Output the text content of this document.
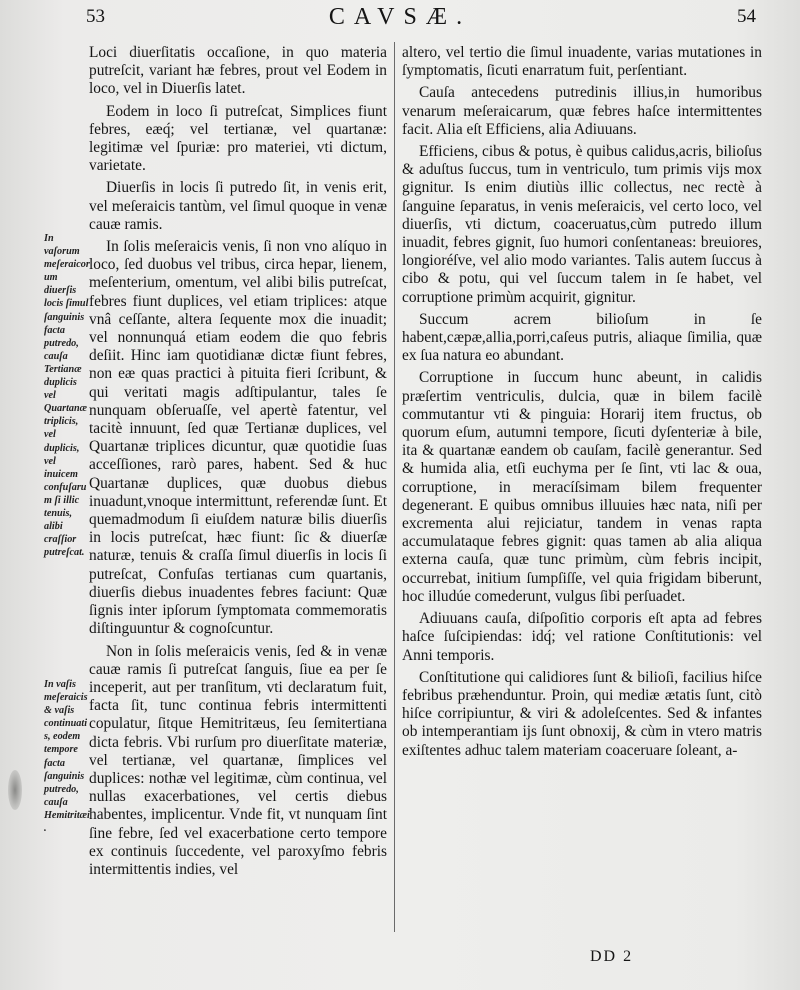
53	CAVSÆ.	54
In vaſorum meſeraicorum diuerſis locis ſimul ſanguinis facta putredo, cauſa Tertianæ duplicis vel Quartanæ triplicis, vel duplicis, vel inuicem confuſarum ſi illic tenuis, alibi craſſior putreſcat.
In vaſis meſeraicis & vaſis continuatis, eodem tempore facta ſanguinis putredo, cauſa Hemitritæi.

Loci diuerſitatis occaſione, in quo materia putreſcit, variant hæ febres, prout vel Eodem in loco, vel in Diuerſis latet.

Eodem in loco ſi putreſcat, Simplices fiunt febres, eæq́; vel tertianæ, vel quartanæ: legitimæ vel ſpuriæ: pro materiei, vti dictum, varietate.

Diuerſis in locis ſi putredo ſit, in venis erit, vel meſeraicis tantùm, vel ſimul quoque in venæ cauæ ramis.

In ſolis meſeraicis venis, ſi non vno alíquo in loco, ſed duobus vel tribus, circa hepar, lienem, meſenterium, omentum, vel alibi bilis putreſcat, febres fiunt duplices, vel etiam triplices: atque vnâ ceſſante, altera ſequente mox die inuadit; vel nonnunquá etiam eodem die quo febris deſiit. Hinc iam quotidianæ dictæ fiunt febres, non eæ quas practici à pituita fieri ſcribunt, & qui veritati magis adſtipulantur, tales ſe nunquam obſeruaſſe, vel apertè fatentur, vel tacitè innuunt, ſed quæ Tertianæ duplices, vel Quartanæ triplices dicuntur, quæ quotidie ſuas acceſſiones, rarò pares, habent. Sed & huc Quartanæ duplices, quæ duobus diebus inuadunt,vnoque intermittunt, referendæ ſunt. Et quemadmodum ſi eiuſdem naturæ bilis diuerſis in locis putreſcat, hæc fiunt: ſic & diuerſæ naturæ, tenuis & craſſa ſimul diuerſis in locis ſi putreſcat, Confuſas tertianas cum quartanis, diuerſis diebus inuadentes febres faciunt: Quæ ſignis inter ipſorum ſymptomata commemoratis diſtinguuntur & cognoſcuntur.

Non in ſolis meſeraicis venis, ſed & in venæ cauæ ramis ſi putreſcat ſanguis, ſiue ea per ſe inceperit, aut per tranſitum, vti declaratum fuit, facta ſit, tunc continua febris intermittenti copulatur, ſitque Hemitritæus, ſeu ſemitertiana dicta febris. Vbi rurſum pro diuerſitate materiæ, vel tertianæ, vel quartanæ, ſimplices vel duplices: nothæ vel legitimæ, cùm continua, vel nullas exacerbationes, vel certis diebus habentes, implicentur. Vnde fit, vt nunquam ſint ſine febre, ſed vel exacerbatione certo tempore ex continuis ſuccedente, vel paroxyſmo febris intermittentis indies, vel

altero, vel tertio die ſimul inuadente, varias mutationes in ſymptomatis, ſicuti enarratum fuit, perſentiant.

Cauſa antecedens putredinis illius,in humoribus venarum meſeraicarum, quæ febres haſce intermittentes facit. Alia eſt Efficiens, alia Adiuuans.

Efficiens, cibus & potus, è quibus calidus,acris, bilioſus & aduſtus ſuccus, tum in ventriculo, tum primis vijs mox gignitur. Is enim diutiùs illic collectus, nec rectè à ſanguine ſeparatus, in venis meſeraicis, vel certo loco, vel diuerſis, vti dictum, coaceruatus,cùm putredo illum inuadit, febres gignit, ſuo humori conſentaneas: breuiores, longioréſve, vel alio modo variantes. Talis autem ſuccus à cibo & potu, qui vel ſuccum talem in ſe habet, vel corruptione primùm acquirit, gignitur.

Succum acrem bilioſum in ſe habent,cæpæ,allia,porri,caſeus putris, aliaque ſimilia, quæ ex ſua natura eo abundant.

Corruptione in ſuccum hunc abeunt, in calidis præſertim ventriculis, dulcia, quæ in bilem facilè commutantur vti & pinguia: Horarij item fructus, ob quorum eſum, autumni tempore, ſicuti dyſenteriæ à bile, ita & quartanæ eandem ob cauſam, facilè generantur. Sed & humida alia, etſi euchyma per ſe ſint, vti lac & oua, corruptione, in meracíſsimam bilem frequenter degenerant. E quibus omnibus illuuies hæc nata, niſi per excrementa alui rejiciatur, tandem in venas rapta accumulataque febres gignit: quas tamen ab alia aliqua externa cauſa, quæ tunc primùm, cùm febris incipit, occurrebat, initium ſumpſiſſe, vel quia frigidam biberunt, hoc illudúe comederunt, vulgus ſibi perſuadet.

Adiuuans cauſa, diſpoſitio corporis eſt apta ad febres haſce ſuſcipiendas: idq́; vel ratione Conſtitutionis: vel Anni temporis.

Conſtitutione qui calidiores ſunt & bilioſi, facilius hiſce febribus præhenduntur. Proin, qui mediæ ætatis ſunt, citò hiſce corripiuntur, & viri & adoleſcentes. Sed & infantes ob intemperantiam ijs ſunt obnoxij, & cùm in vtero matris exiſtentes adhuc talem materiam coaceruare ſoleant, a-

DD 2
